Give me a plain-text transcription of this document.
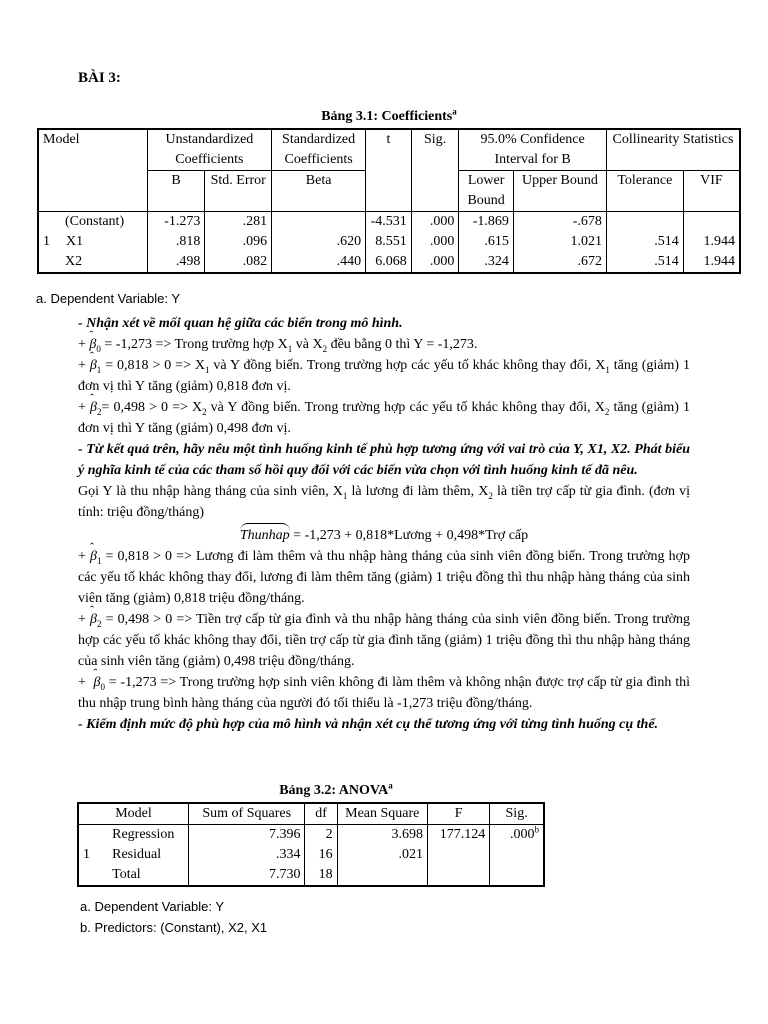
BÀI 3:
Bảng 3.1: Coefficients$^a$
Model	Unstandardized Coefficients		Standardized Coefficients	t	Sig.	95.0% Confidence Interval for B		Collinearity Statistics	
	B	Std. Error	Beta			Lower Bound	Upper Bound	Tolerance	VIF
(Constant)	-1.273	.281		-4.531	.000	-1.869	-.678		
1 X1	.818	.096	.620	8.551	.000	.615	1.021	.514	1.944
X2	.498	.082	.440	6.068	.000	.324	.672	.514	1.944
a. Dependent Variable: Y

- Nhận xét về mối quan hệ giữa các biến trong mô hình.

+ ˆ $\beta_0 = -1,273$ => Trong trường hợp $X_1$ và $X_2$ đều bằng 0 thì Y = -1,273.

+ ˆ $\beta_1 = 0,818 > 0 => X_1$ và Y đồng biến. Trong trường hợp các yếu tố khác không thay đổi, $X_1$ tăng (giảm) 1 đơn vị thì Y tăng (giảm) 0,818 đơn vị.

+ ˆ $\beta_2= 0,498 > 0 => X_2$ và Y đồng biến. Trong trường hợp các yếu tố khác không thay đổi, $X_2$ tăng (giảm) 1 đơn vị thì Y tăng (giảm) 0,498 đơn vị.

- Từ kết quả trên, hãy nêu một tình huống kinh tế phù hợp tương ứng với vai trò của Y, X1, X2. Phát biểu ý nghĩa kinh tế của các tham số hồi quy đối với các biến vừa chọn với tình huống kinh tế đã nêu.

Gọi Y là thu nhập hàng tháng của sinh viên, $X_1$ là lương đi làm thêm, $X_2$ là tiền trợ cấp từ gia đình. (đơn vị tính: triệu đồng/tháng)

Thunhap = -1,273 + 0,818*Lương + 0,498*Trợ cấp

+ ˆ $\beta_1 = 0,818 > 0$ => Lương đi làm thêm và thu nhập hàng tháng của sinh viên đồng biến. Trong trường hợp các yếu tố khác không thay đổi, lương đi làm thêm tăng (giảm) 1 triệu đồng thì thu nhập hàng tháng của sinh viên tăng (giảm) 0,818 triệu đồng/tháng.

+ ˆ $\beta_2 = 0,498 > 0$ => Tiền trợ cấp từ gia đình và thu nhập hàng tháng của sinh viên đồng biến. Trong trường hợp các yếu tố khác không thay đổi, tiền trợ cấp từ gia đình tăng (giảm) 1 triệu đồng thì thu nhập hàng tháng của sinh viên tăng (giảm) 0,498 triệu đồng/tháng.

+  ˆ $\beta_0 = -1,273$ => Trong trường hợp sinh viên không đi làm thêm và không nhận được trợ cấp từ gia đình thì thu nhập trung bình hàng tháng của người đó tối thiểu là -1,273 triệu đồng/tháng.

- Kiểm định mức độ phù hợp của mô hình và nhận xét cụ thể tương ứng với từng tình huống cụ thể.

Bảng 3.2: ANOVA$^a$
Model		Sum of Squares	df	Mean Square	F	Sig.
1	Regression	7.396	2	3.698	177.124	.000$^b$
	Residual	.334	16	.021		
	Total	7.730	18			
a. Dependent Variable: Y
b. Predictors: (Constant), X2, X1
